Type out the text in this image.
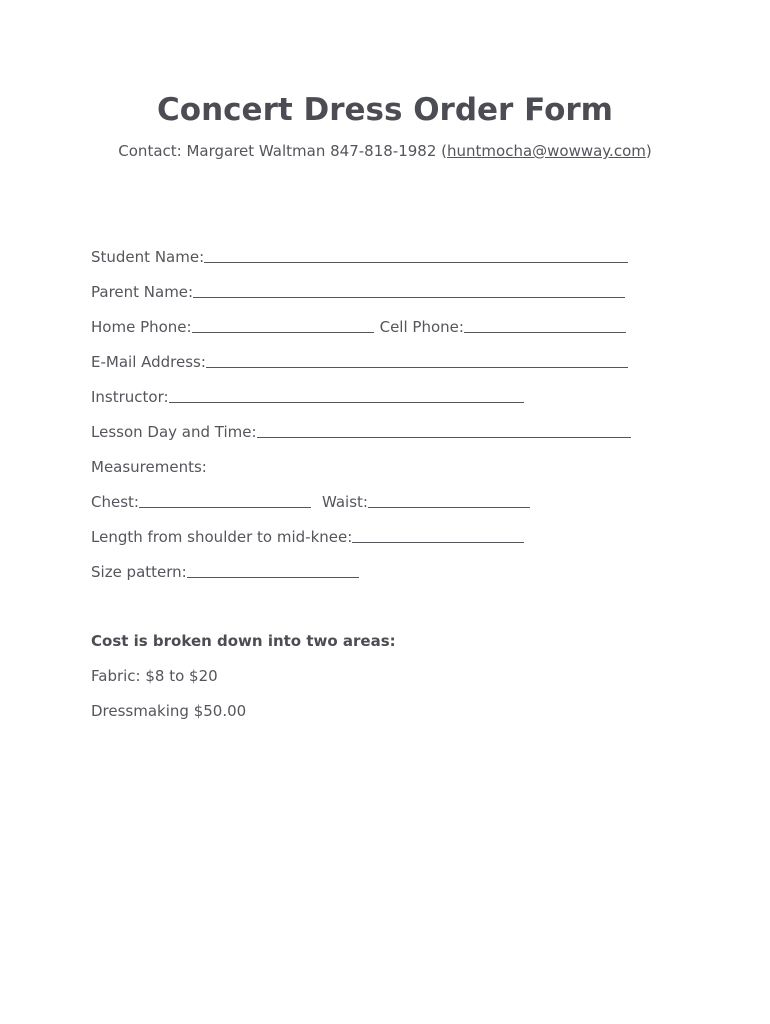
Concert Dress Order Form
Contact: Margaret Waltman 847-818-1982 (huntmocha@wowway.com)
Student Name:
Parent Name:
Home Phone:	Cell Phone:
E-Mail Address:
Instructor:
Lesson Day and Time:
Measurements:
Chest:	Waist:
Length from shoulder to mid-knee:
Size pattern:
Cost is broken down into two areas:
Fabric: $8 to $20
Dressmaking $50.00
